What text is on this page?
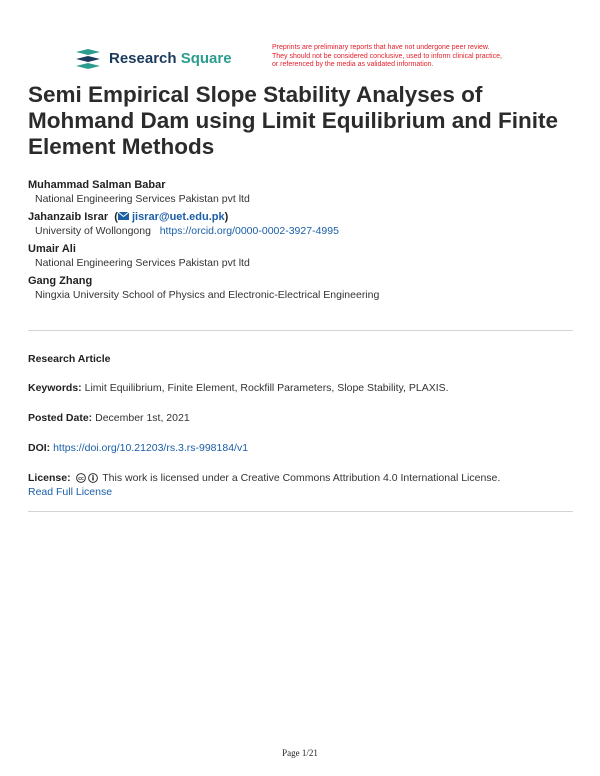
Research Square
Preprints are preliminary reports that have not undergone peer review.
They should not be considered conclusive, used to inform clinical practice,
or referenced by the media as validated information.
Semi Empirical Slope Stability Analyses of Mohmand Dam using Limit Equilibrium and Finite Element Methods
Muhammad Salman Babar
National Engineering Services Pakistan pvt ltd
Jahanzaib Israr  ( jisrar@uet.edu.pk)
University of Wollongong https://orcid.org/0000-0002-3927-4995
Umair Ali
National Engineering Services Pakistan pvt ltd
Gang Zhang
Ningxia University School of Physics and Electronic-Electrical Engineering
Research Article
Keywords: Limit Equilibrium, Finite Element, Rockfill Parameters, Slope Stability, PLAXIS.
Posted Date: December 1st, 2021
DOI: https://doi.org/10.21203/rs.3.rs-998184/v1
License: cc This work is licensed under a Creative Commons Attribution 4.0 International License.
Read Full License
Page 1/21
